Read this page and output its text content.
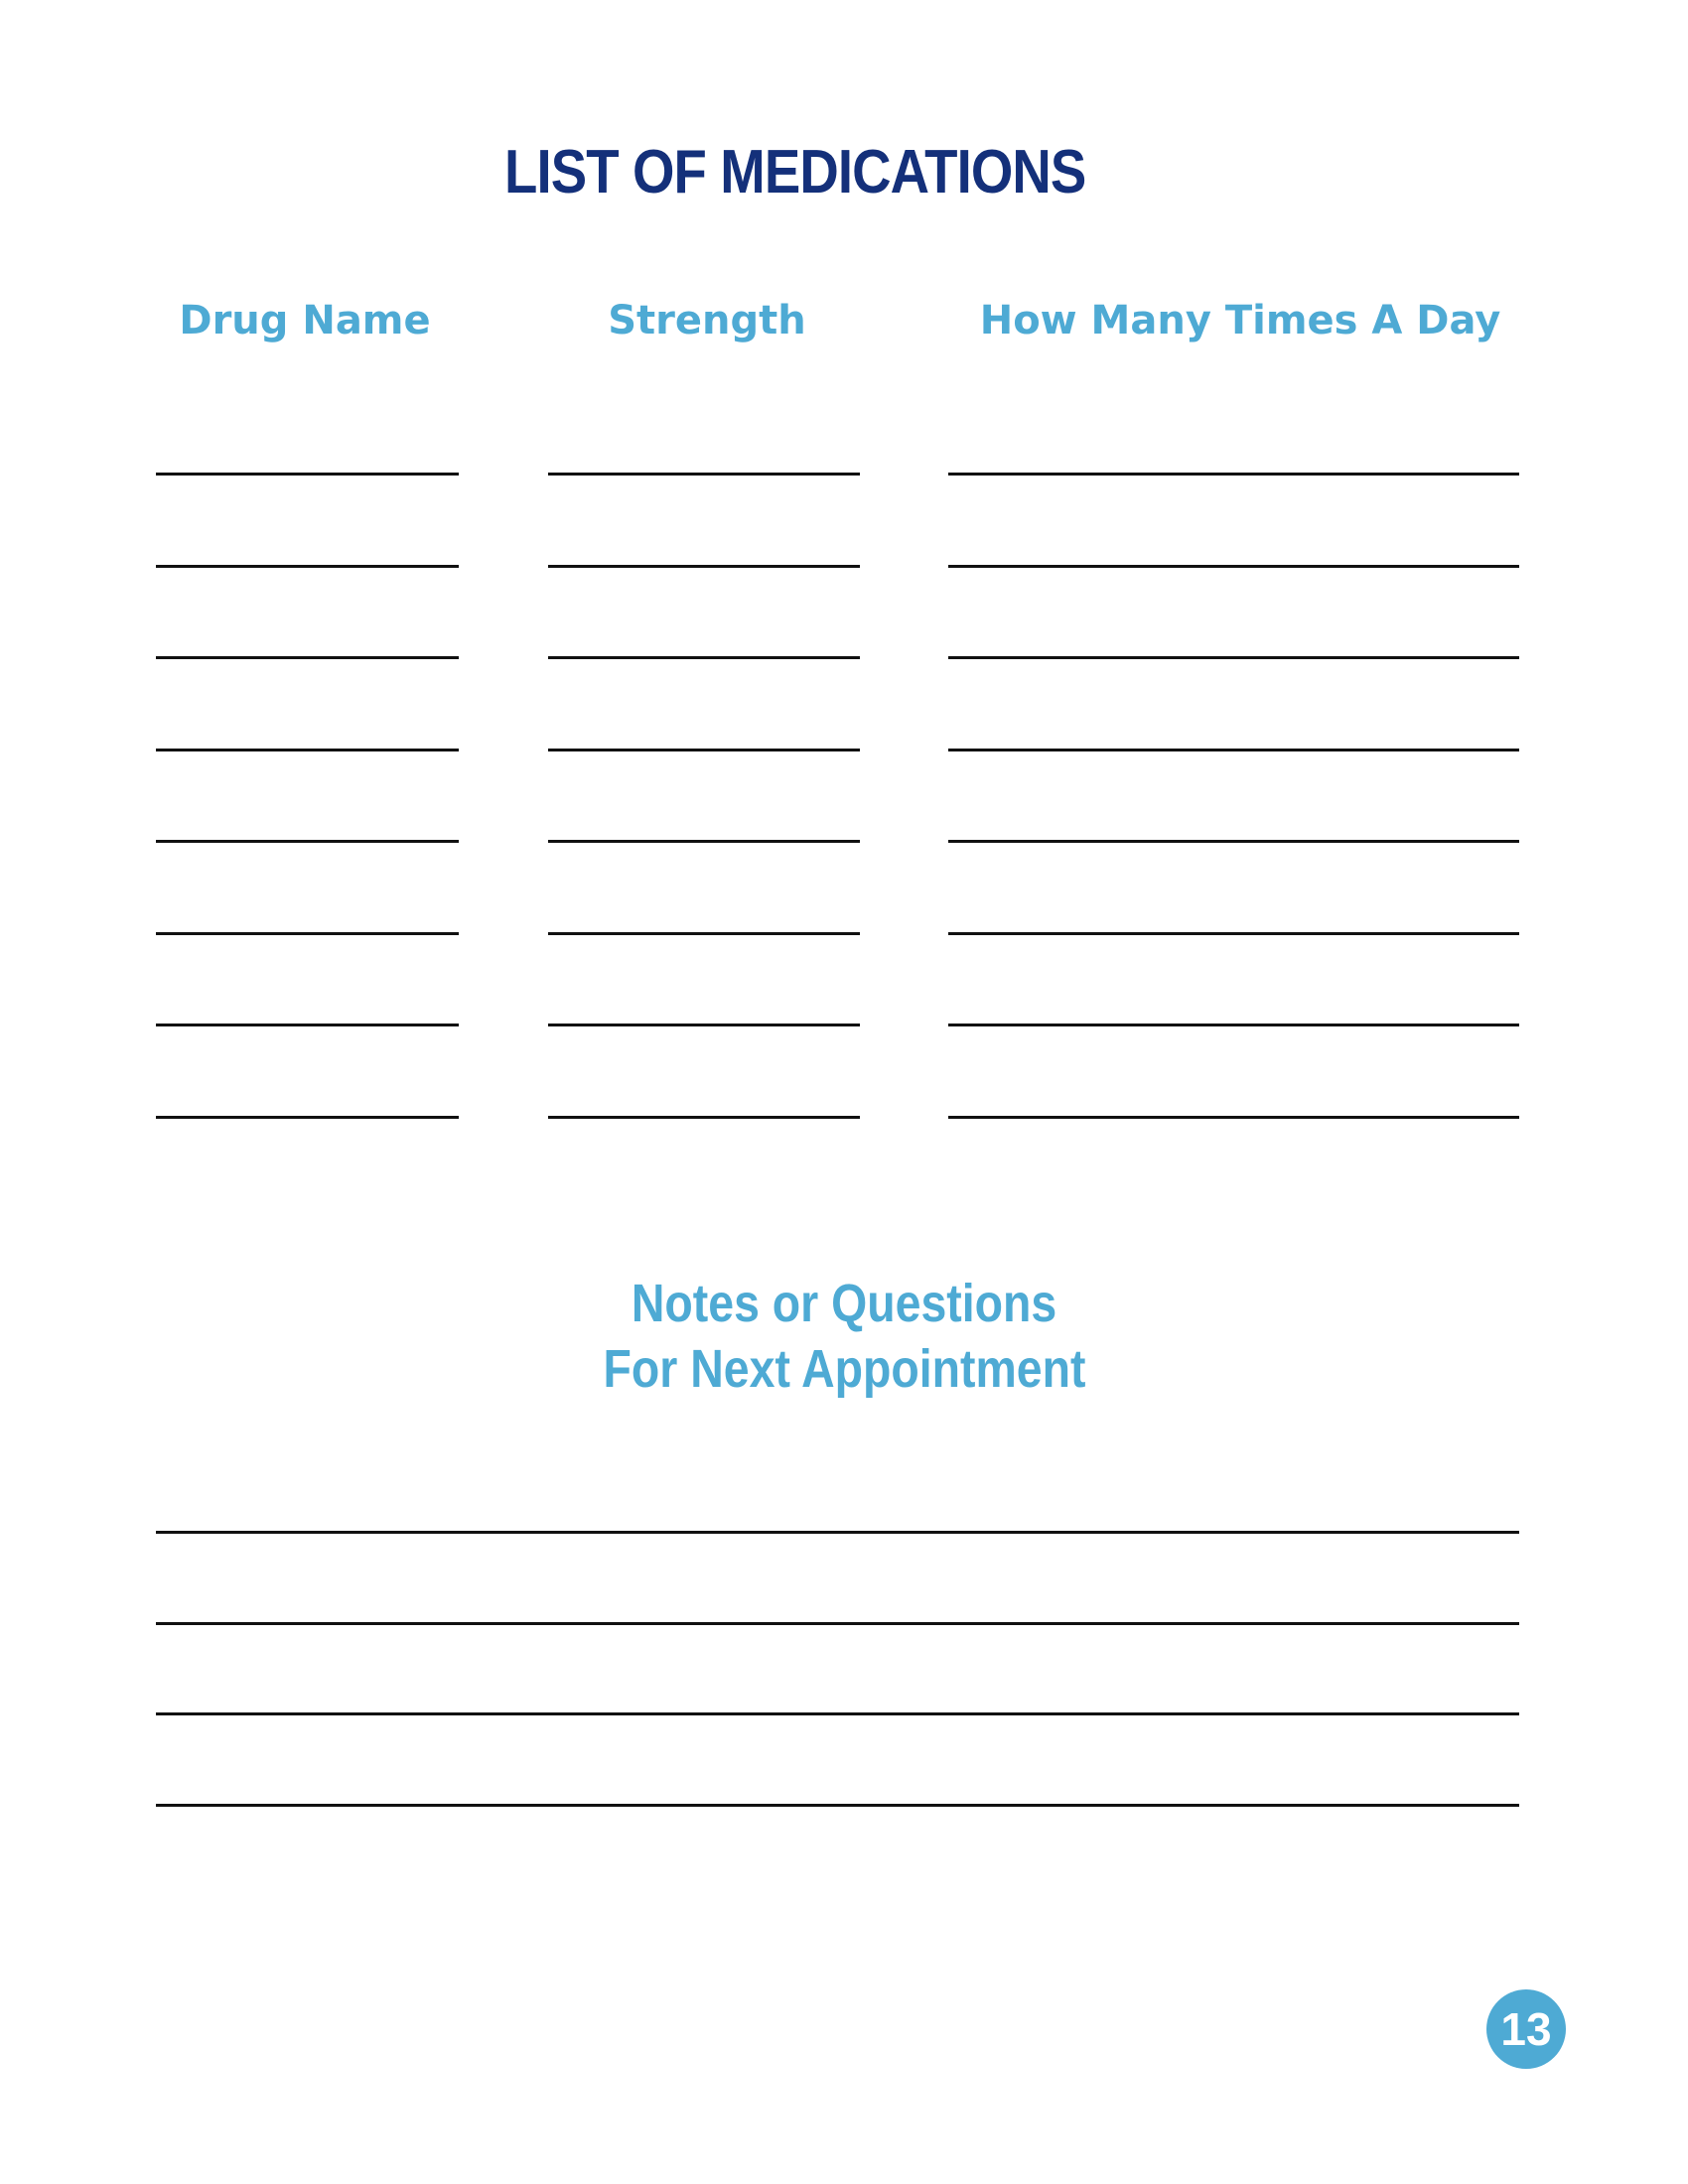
LIST OF MEDICATIONS
Drug Name	Strength	How Many Times A Day
Notes or Questions
For Next Appointment
13
